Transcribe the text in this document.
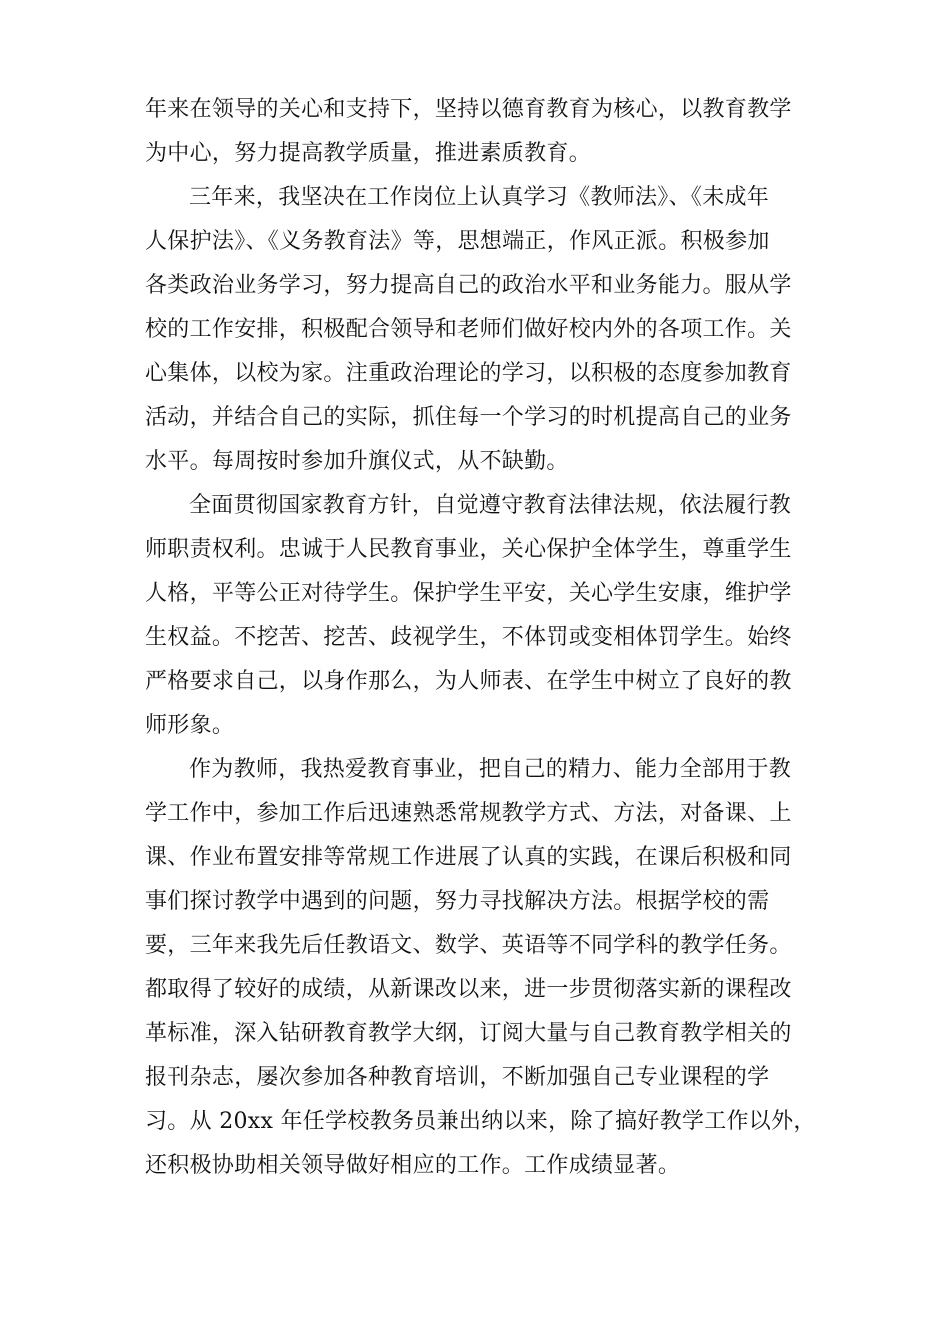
年来在领导的关心和支持下，坚持以德育教育为核心，以教育教学
为中心，努力提高教学质量，推进素质教育。
三年来，我坚决在工作岗位上认真学习《教师法》、《未成年
人保护法》、《义务教育法》等，思想端正，作风正派。积极参加
各类政治业务学习，努力提高自己的政治水平和业务能力。服从学
校的工作安排，积极配合领导和老师们做好校内外的各项工作。关
心集体，以校为家。注重政治理论的学习，以积极的态度参加教育
活动，并结合自己的实际，抓住每一个学习的时机提高自己的业务
水平。每周按时参加升旗仪式，从不缺勤。
全面贯彻国家教育方针，自觉遵守教育法律法规，依法履行教
师职责权利。忠诚于人民教育事业，关心保护全体学生，尊重学生
人格，平等公正对待学生。保护学生平安，关心学生安康，维护学
生权益。不挖苦、挖苦、歧视学生，不体罚或变相体罚学生。始终
严格要求自己，以身作那么，为人师表、在学生中树立了良好的教
师形象。
作为教师，我热爱教育事业，把自己的精力、能力全部用于教
学工作中，参加工作后迅速熟悉常规教学方式、方法，对备课、上
课、作业布置安排等常规工作进展了认真的实践，在课后积极和同
事们探讨教学中遇到的问题，努力寻找解决方法。根据学校的需
要，三年来我先后任教语文、数学、英语等不同学科的教学任务。
都取得了较好的成绩，从新课改以来，进一步贯彻落实新的课程改
革标准，深入钻研教育教学大纲，订阅大量与自己教育教学相关的
报刊杂志，屡次参加各种教育培训，不断加强自己专业课程的学
习。从 20xx 年任学校教务员兼出纳以来，除了搞好教学工作以外，
还积极协助相关领导做好相应的工作。工作成绩显著。
